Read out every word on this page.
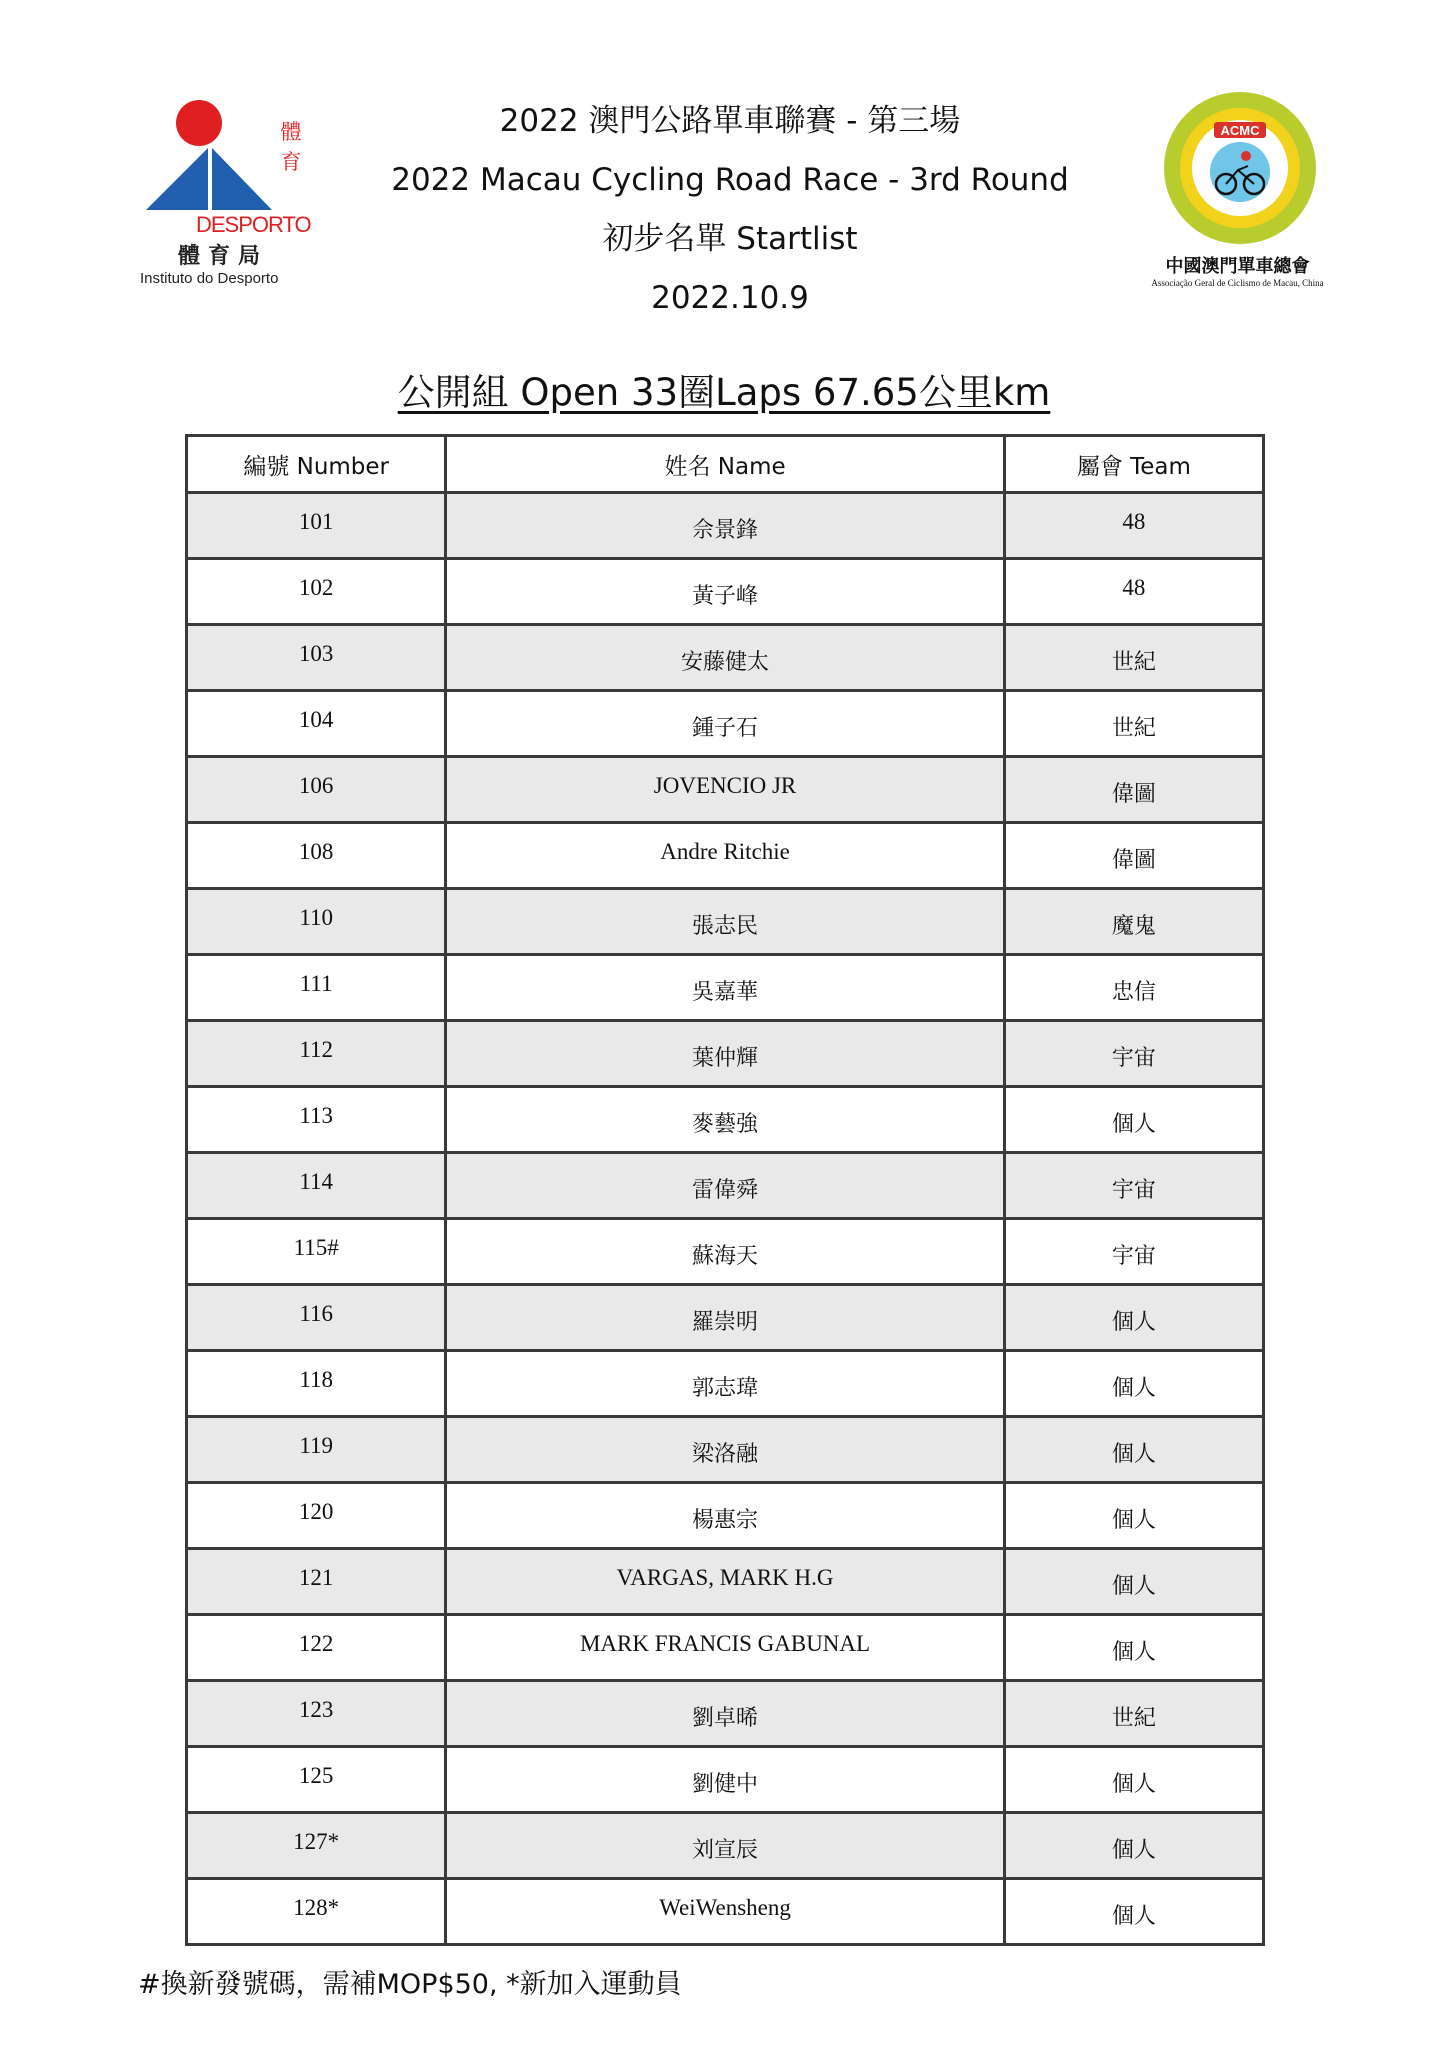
體
育
DESPORTO
體育局
Instituto do Desporto
2022 澳門公路單車聯賽 - 第三場
2022 Macau Cycling Road Race - 3rd Round
初步名單 Startlist
2022.10.9
ACMC
中國澳門單車總會
Associação Geral de Ciclismo de Macau, China
公開組 Open 33圈Laps 67.65公里km
編號 Number	姓名 Name	屬會 Team
101	佘景鋒	48
102	黃子峰	48
103	安藤健太	世紀
104	鍾子石	世紀
106	JOVENCIO JR	偉圖
108	Andre Ritchie	偉圖
110	張志民	魔鬼
111	吳嘉華	忠信
112	葉仲輝	宇宙
113	麥藝強	個人
114	雷偉舜	宇宙
115#	蘇海天	宇宙
116	羅崇明	個人
118	郭志瑋	個人
119	梁洛融	個人
120	楊惠宗	個人
121	VARGAS, MARK H.G	個人
122	MARK FRANCIS GABUNAL	個人
123	劉卓晞	世紀
125	劉健中	個人
127*	刘宣辰	個人
128*	WeiWensheng	個人
#換新發號碼，需補MOP$50, *新加入運動員
